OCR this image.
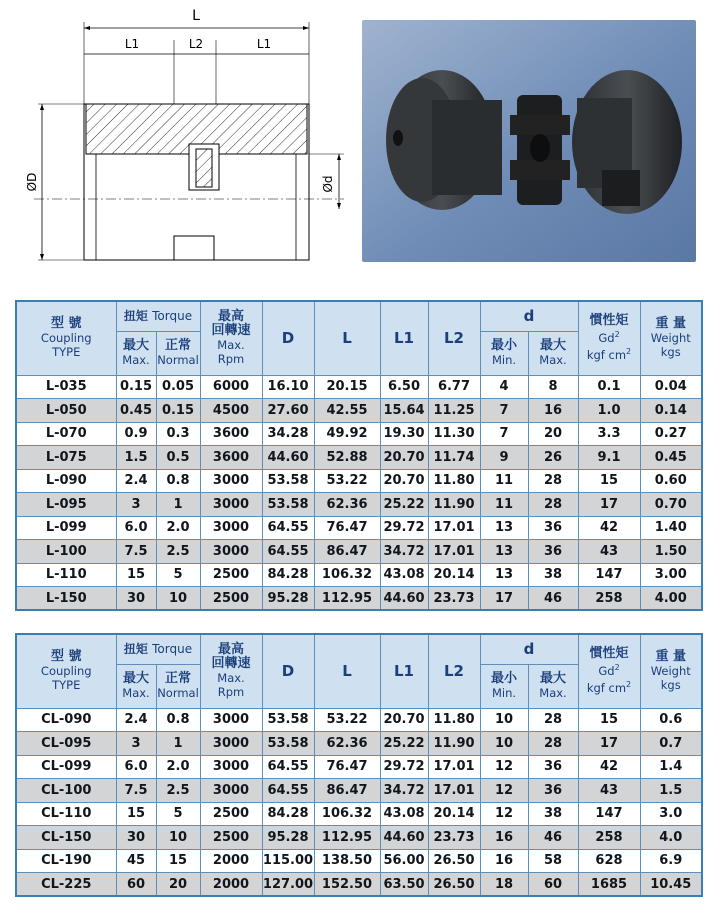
L
L1	L2	L1
ØD	Ød
型 號
Coupling
TYPE	扭矩 Torque		最高
回轉速
Max.
Rpm	D	L	L1	L2	d		慣性矩
Gd$^2$
kgf $cm^2$	重 量
Weight
kgs

	最大
Max.	正常
Normal						最小
Min.	最大
Max.		

L-035	0.15	0.05	6000	16.10	20.15	6.50	6.77	4	8	0.1	0.04
L-050	0.45	0.15	4500	27.60	42.55	15.64	11.25	7	16	1.0	0.14
L-070	0.9	0.3	3600	34.28	49.92	19.30	11.30	7	20	3.3	0.27
L-075	1.5	0.5	3600	44.60	52.88	20.70	11.74	9	26	9.1	0.45
L-090	2.4	0.8	3000	53.58	53.22	20.70	11.80	11	28	15	0.60
L-095	3	1	3000	53.58	62.36	25.22	11.90	11	28	17	0.70
L-099	6.0	2.0	3000	64.55	76.47	29.72	17.01	13	36	42	1.40
L-100	7.5	2.5	3000	64.55	86.47	34.72	17.01	13	36	43	1.50
L-110	15	5	2500	84.28	106.32	43.08	20.14	13	38	147	3.00
L-150	30	10	2500	95.28	112.95	44.60	23.73	17	46	258	4.00
型 號
Coupling
TYPE	扭矩 Torque		最高
回轉速
Max.
Rpm	D	L	L1	L2	d		慣性矩
Gd$^2$
kgf $cm^2$	重 量
Weight
kgs

	最大
Max.	正常
Normal						最小
Min.	最大
Max.		

CL-090	2.4	0.8	3000	53.58	53.22	20.70	11.80	10	28	15	0.6
CL-095	3	1	3000	53.58	62.36	25.22	11.90	10	28	17	0.7
CL-099	6.0	2.0	3000	64.55	76.47	29.72	17.01	12	36	42	1.4
CL-100	7.5	2.5	3000	64.55	86.47	34.72	17.01	12	36	43	1.5
CL-110	15	5	2500	84.28	106.32	43.08	20.14	12	38	147	3.0
CL-150	30	10	2500	95.28	112.95	44.60	23.73	16	46	258	4.0
CL-190	45	15	2000	115.00	138.50	56.00	26.50	16	58	628	6.9
CL-225	60	20	2000	127.00	152.50	63.50	26.50	18	60	1685	10.45
